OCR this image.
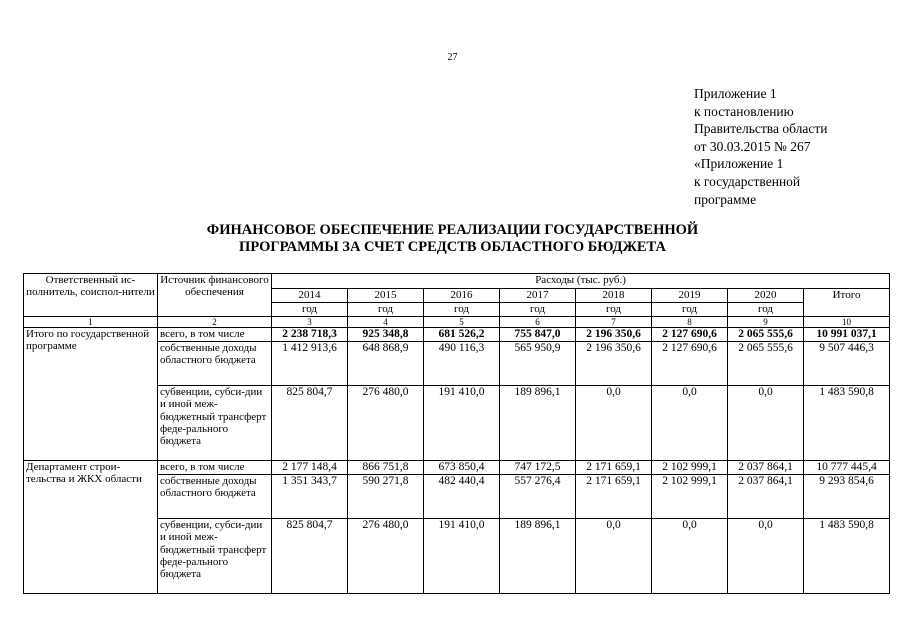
27
Приложение 1
к постановлению
Правительства области
от 30.03.2015 № 267
«Приложение 1
к государственной
программе
ФИНАНСОВОЕ ОБЕСПЕЧЕНИЕ РЕАЛИЗАЦИИ ГОСУДАРСТВЕННОЙ
ПРОГРАММЫ ЗА СЧЕТ СРЕДСТВ ОБЛАСТНОГО БЮДЖЕТА
Ответственный ис-полнитель, соиспол-нители	Источник финансового обеспечения	Расходы (тыс. руб.)							
		2014	2015	2016	2017	2018	2019	2020	Итого
		год	год	год	год	год	год	год	
1	2	3	4	5	6	7	8	9	10
Итого по государственной программе	всего, в том числе	2 238 718,3	925 348,8	681 526,2	755 847,0	2 196 350,6	2 127 690,6	2 065 555,6	10 991 037,1
	собственные доходы областного бюджета	1 412 913,6	648 868,9	490 116,3	565 950,9	2 196 350,6	2 127 690,6	2 065 555,6	9 507 446,3
	субвенции, субси-дии и иной меж-бюджетный трансферт феде-рального бюджета	825 804,7	276 480,0	191 410,0	189 896,1	0,0	0,0	0,0	1 483 590,8
Департамент строи-тельства и ЖКХ области	всего, в том числе	2 177 148,4	866 751,8	673 850,4	747 172,5	2 171 659,1	2 102 999,1	2 037 864,1	10 777 445,4
	собственные доходы областного бюджета	1 351 343,7	590 271,8	482 440,4	557 276,4	2 171 659,1	2 102 999,1	2 037 864,1	9 293 854,6
	субвенции, субси-дии и иной меж-бюджетный трансферт феде-рального бюджета	825 804,7	276 480,0	191 410,0	189 896,1	0,0	0,0	0,0	1 483 590,8
